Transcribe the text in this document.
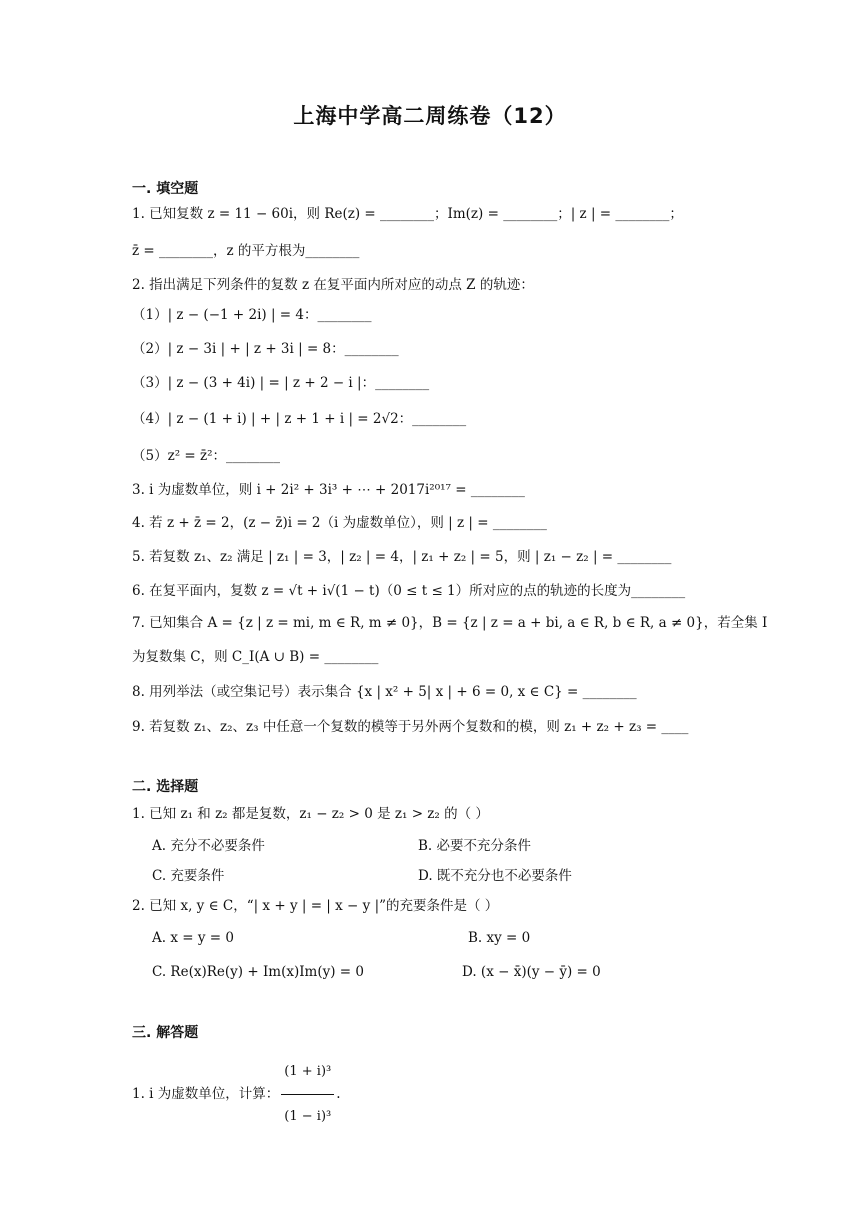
上海中学高二周练卷（12）
一. 填空题
1. 已知复数 z = 11 − 60i，则 Re(z) = ________；Im(z) = ________；| z | = ________；
z̄ = ________，z 的平方根为________
2. 指出满足下列条件的复数 z 在复平面内所对应的动点 Z 的轨迹：
（1）| z − (−1 + 2i) | = 4：________
（2）| z − 3i | + | z + 3i | = 8：________
（3）| z − (3 + 4i) | = | z + 2 − i |：________
（4）| z − (1 + i) | + | z + 1 + i | = 2√2：________
（5）z² = z̄²：________
3. i 为虚数单位，则 i + 2i² + 3i³ + ⋯ + 2017i²⁰¹⁷ = ________
4. 若 z + z̄ = 2，(z − z̄)i = 2（i 为虚数单位），则 | z | = ________
5. 若复数 z₁、z₂ 满足 | z₁ | = 3，| z₂ | = 4，| z₁ + z₂ | = 5，则 | z₁ − z₂ | = ________
6. 在复平面内，复数 z = √t + i√(1 − t)（0 ≤ t ≤ 1）所对应的点的轨迹的长度为________
7. 已知集合 A = {z | z = mi, m ∈ R, m ≠ 0}，B = {z | z = a + bi, a ∈ R, b ∈ R, a ≠ 0}，若全集 I
为复数集 C，则 C_I(A ∪ B) = ________
8. 用列举法（或空集记号）表示集合 {x | x² + 5| x | + 6 = 0, x ∈ C} = ________
9. 若复数 z₁、z₂、z₃ 中任意一个复数的模等于另外两个复数和的模，则 z₁ + z₂ + z₃ = ____
二. 选择题
1. 已知 z₁ 和 z₂ 都是复数，z₁ − z₂ > 0 是 z₁ > z₂ 的（ ）
A. 充分不必要条件	B. 必要不充分条件
C. 充要条件	D. 既不充分也不必要条件
2. 已知 x, y ∈ C，“| x + y | = | x − y |”的充要条件是（ ）
A. x = y = 0	B. xy = 0
C. Re(x)Re(y) + Im(x)Im(y) = 0	D. (x − x̄)(y − ȳ) = 0
三. 解答题
1. i 为虚数单位，计算： $\frac{\text{(1 + i)³}}{\text{(1 − i)³}}$ .
